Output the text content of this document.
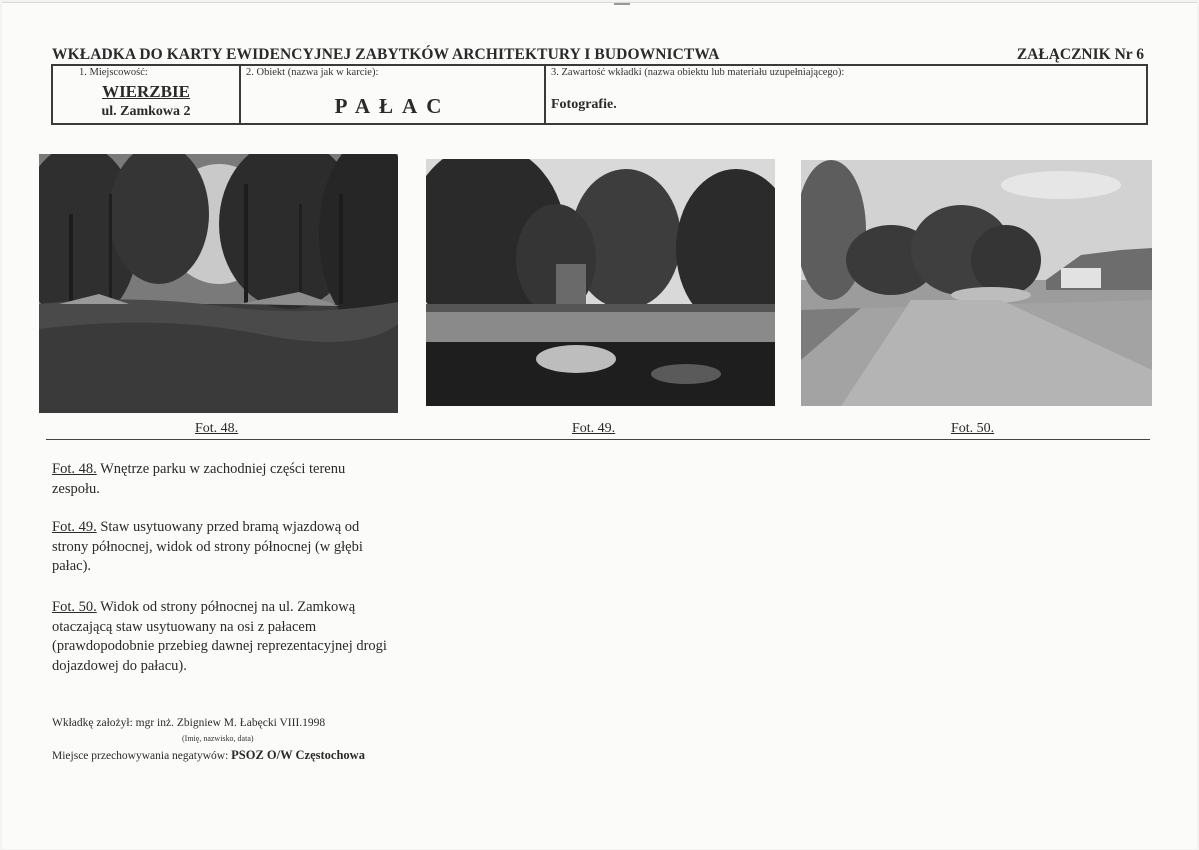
WKŁADKA DO KARTY EWIDENCYJNEJ ZABYTKÓW ARCHITEKTURY I BUDOWNICTWA	ZAŁĄCZNIK Nr 6
1. Miejscowość:
WIERZBIE
ul. Zamkowa 2
2. Obiekt (nazwa jak w karcie):
PAŁAC
3. Zawartość wkładki (nazwa obiektu lub materiału uzupełniającego):
Fotografie.
Fot. 48.	Fot. 49.	Fot. 50.
Fot. 48. Wnętrze parku w zachodniej części terenu zespołu.
Fot. 49. Staw usytuowany przed bramą wjazdową od strony północnej, widok od strony północnej (w głębi pałac).
Fot. 50. Widok od strony północnej na ul. Zamkową otaczającą staw usytuowany na osi z pałacem (prawdopodobnie przebieg dawnej reprezentacyjnej drogi dojazdowej do pałacu).
Wkładkę założył: mgr inż. Zbigniew M. Łabęcki VIII.1998
(Imię, nazwisko, data)
Miejsce przechowywania negatywów: PSOZ O/W Częstochowa
